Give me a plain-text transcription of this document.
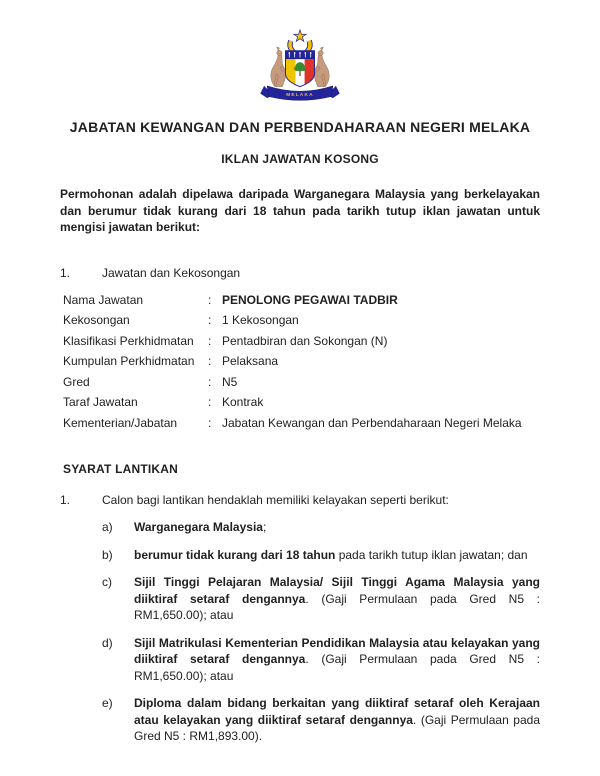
MELAKA
JABATAN KEWANGAN DAN PERBENDAHARAAN NEGERI MELAKA
IKLAN JAWATAN KOSONG
Permohonan adalah dipelawa daripada Warganegara Malaysia yang berkelayakan dan berumur tidak kurang dari 18 tahun pada tarikh tutup iklan jawatan untuk mengisi jawatan berikut:
1.	Jawatan dan Kekosongan
Nama Jawatan	: PENOLONG PEGAWAI TADBIR
Kekosongan	: 1 Kekosongan
Klasifikasi Perkhidmatan	: Pentadbiran dan Sokongan (N)
Kumpulan Perkhidmatan	: Pelaksana
Gred	: N5
Taraf Jawatan	: Kontrak
Kementerian/Jabatan	: Jabatan Kewangan dan Perbendaharaan Negeri Melaka
SYARAT LANTIKAN
1.	Calon bagi lantikan hendaklah memiliki kelayakan seperti berikut:
a)	Warganegara Malaysia;
b)	berumur tidak kurang dari 18 tahun pada tarikh tutup iklan jawatan; dan
c)	Sijil Tinggi Pelajaran Malaysia/ Sijil Tinggi Agama Malaysia yang diiktiraf setaraf dengannya. (Gaji Permulaan pada Gred N5 : RM1,650.00); atau
d)	Sijil Matrikulasi Kementerian Pendidikan Malaysia atau kelayakan yang diiktiraf setaraf dengannya. (Gaji Permulaan pada Gred N5 : RM1,650.00); atau
e)	Diploma dalam bidang berkaitan yang diiktiraf setaraf oleh Kerajaan atau kelayakan yang diiktiraf setaraf dengannya. (Gaji Permulaan pada Gred N5 : RM1,893.00).
